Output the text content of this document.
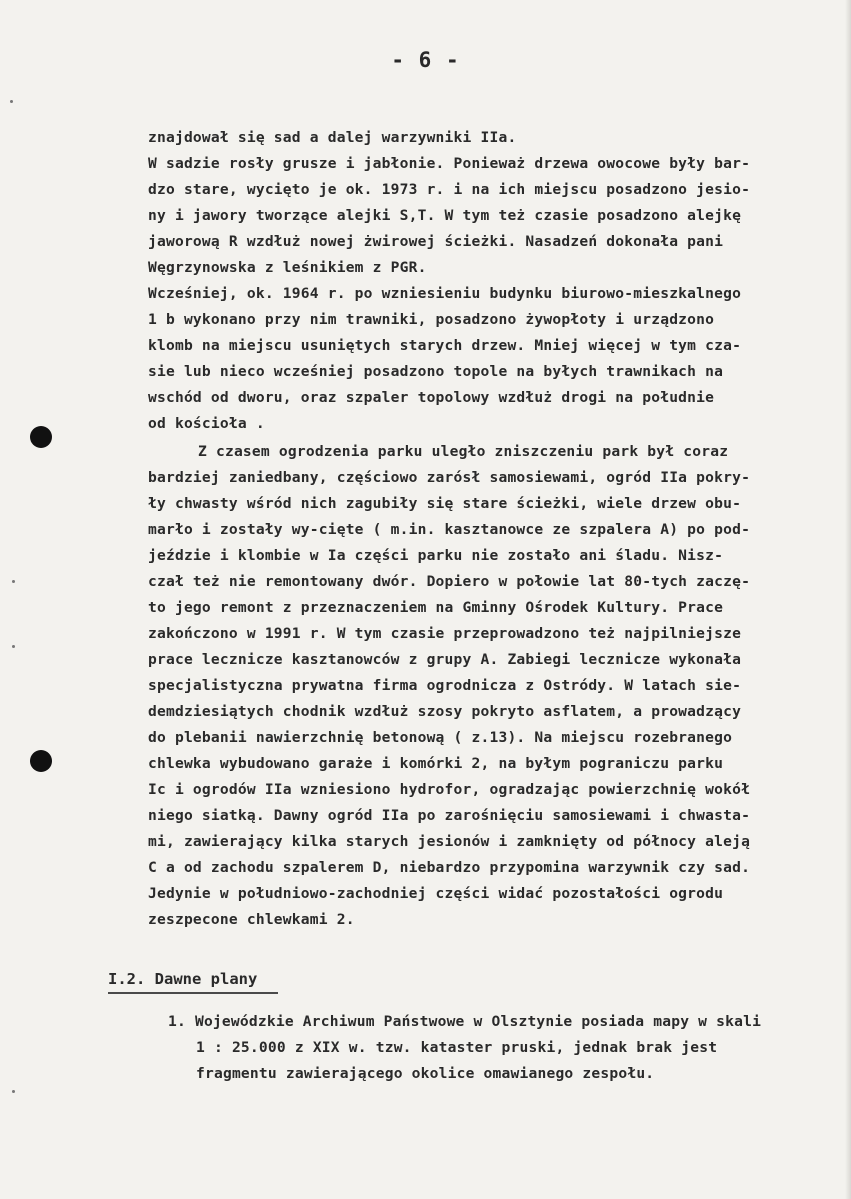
- 6 -
znajdował się sad a dalej warzywniki IIa.
W sadzie rosły grusze i jabłonie. Ponieważ drzewa owocowe były bar-
dzo stare, wycięto je ok. 1973 r. i na ich miejscu posadzono jesio-
ny i jawory tworzące alejki S,T. W tym też czasie posadzono alejkę
jaworową R wzdłuż nowej żwirowej ścieżki. Nasadzeń dokonała pani
Węgrzynowska z leśnikiem z PGR.
Wcześniej, ok. 1964 r. po wzniesieniu budynku biurowo-mieszkalnego
1 b wykonano przy nim trawniki, posadzono żywopłoty i urządzono
klomb na miejscu usuniętych starych drzew. Mniej więcej w tym cza-
sie lub nieco wcześniej posadzono topole na byłych trawnikach na
wschód od dworu, oraz szpaler topolowy wzdłuż drogi na południe
od kościoła .
Z czasem ogrodzenia parku uległo zniszczeniu park był coraz
bardziej zaniedbany, częściowo zarósł samosiewami, ogród IIa pokry-
ły chwasty wśród nich zagubiły się stare ścieżki, wiele drzew obu-
marło i zostały wy-cięte ( m.in. kasztanowce ze szpalera A) po pod-
jeździe i klombie w Ia części parku nie zostało ani śladu. Nisz-
czał też nie remontowany dwór. Dopiero w połowie lat 80-tych zaczę-
to jego remont z przeznaczeniem na Gminny Ośrodek Kultury. Prace
zakończono w 1991 r. W tym czasie przeprowadzono też najpilniejsze
prace lecznicze kasztanowców z grupy A. Zabiegi lecznicze wykonała
specjalistyczna prywatna firma ogrodnicza z Ostródy. W latach sie-
demdziesiątych chodnik wzdłuż szosy pokryto asflatem, a prowadzący
do plebanii nawierzchnię betonową ( z.13). Na miejscu rozebranego
chlewka wybudowano garaże i komórki 2, na byłym pograniczu parku
Ic i ogrodów IIa wzniesiono hydrofor, ogradzając powierzchnię wokół
niego siatką. Dawny ogród IIa po zarośnięciu samosiewami i chwasta-
mi, zawierający kilka starych jesionów i zamknięty od północy aleją
C a od zachodu szpalerem D, niebardzo przypomina warzywnik czy sad.
Jedynie w południowo-zachodniej części widać pozostałości ogrodu
zeszpecone chlewkami 2.
I.2. Dawne plany
1. Wojewódzkie Archiwum Państwowe w Olsztynie posiada mapy w skali
1 : 25.000 z XIX w. tzw. kataster pruski, jednak brak jest
fragmentu zawierającego okolice omawianego zespołu.
